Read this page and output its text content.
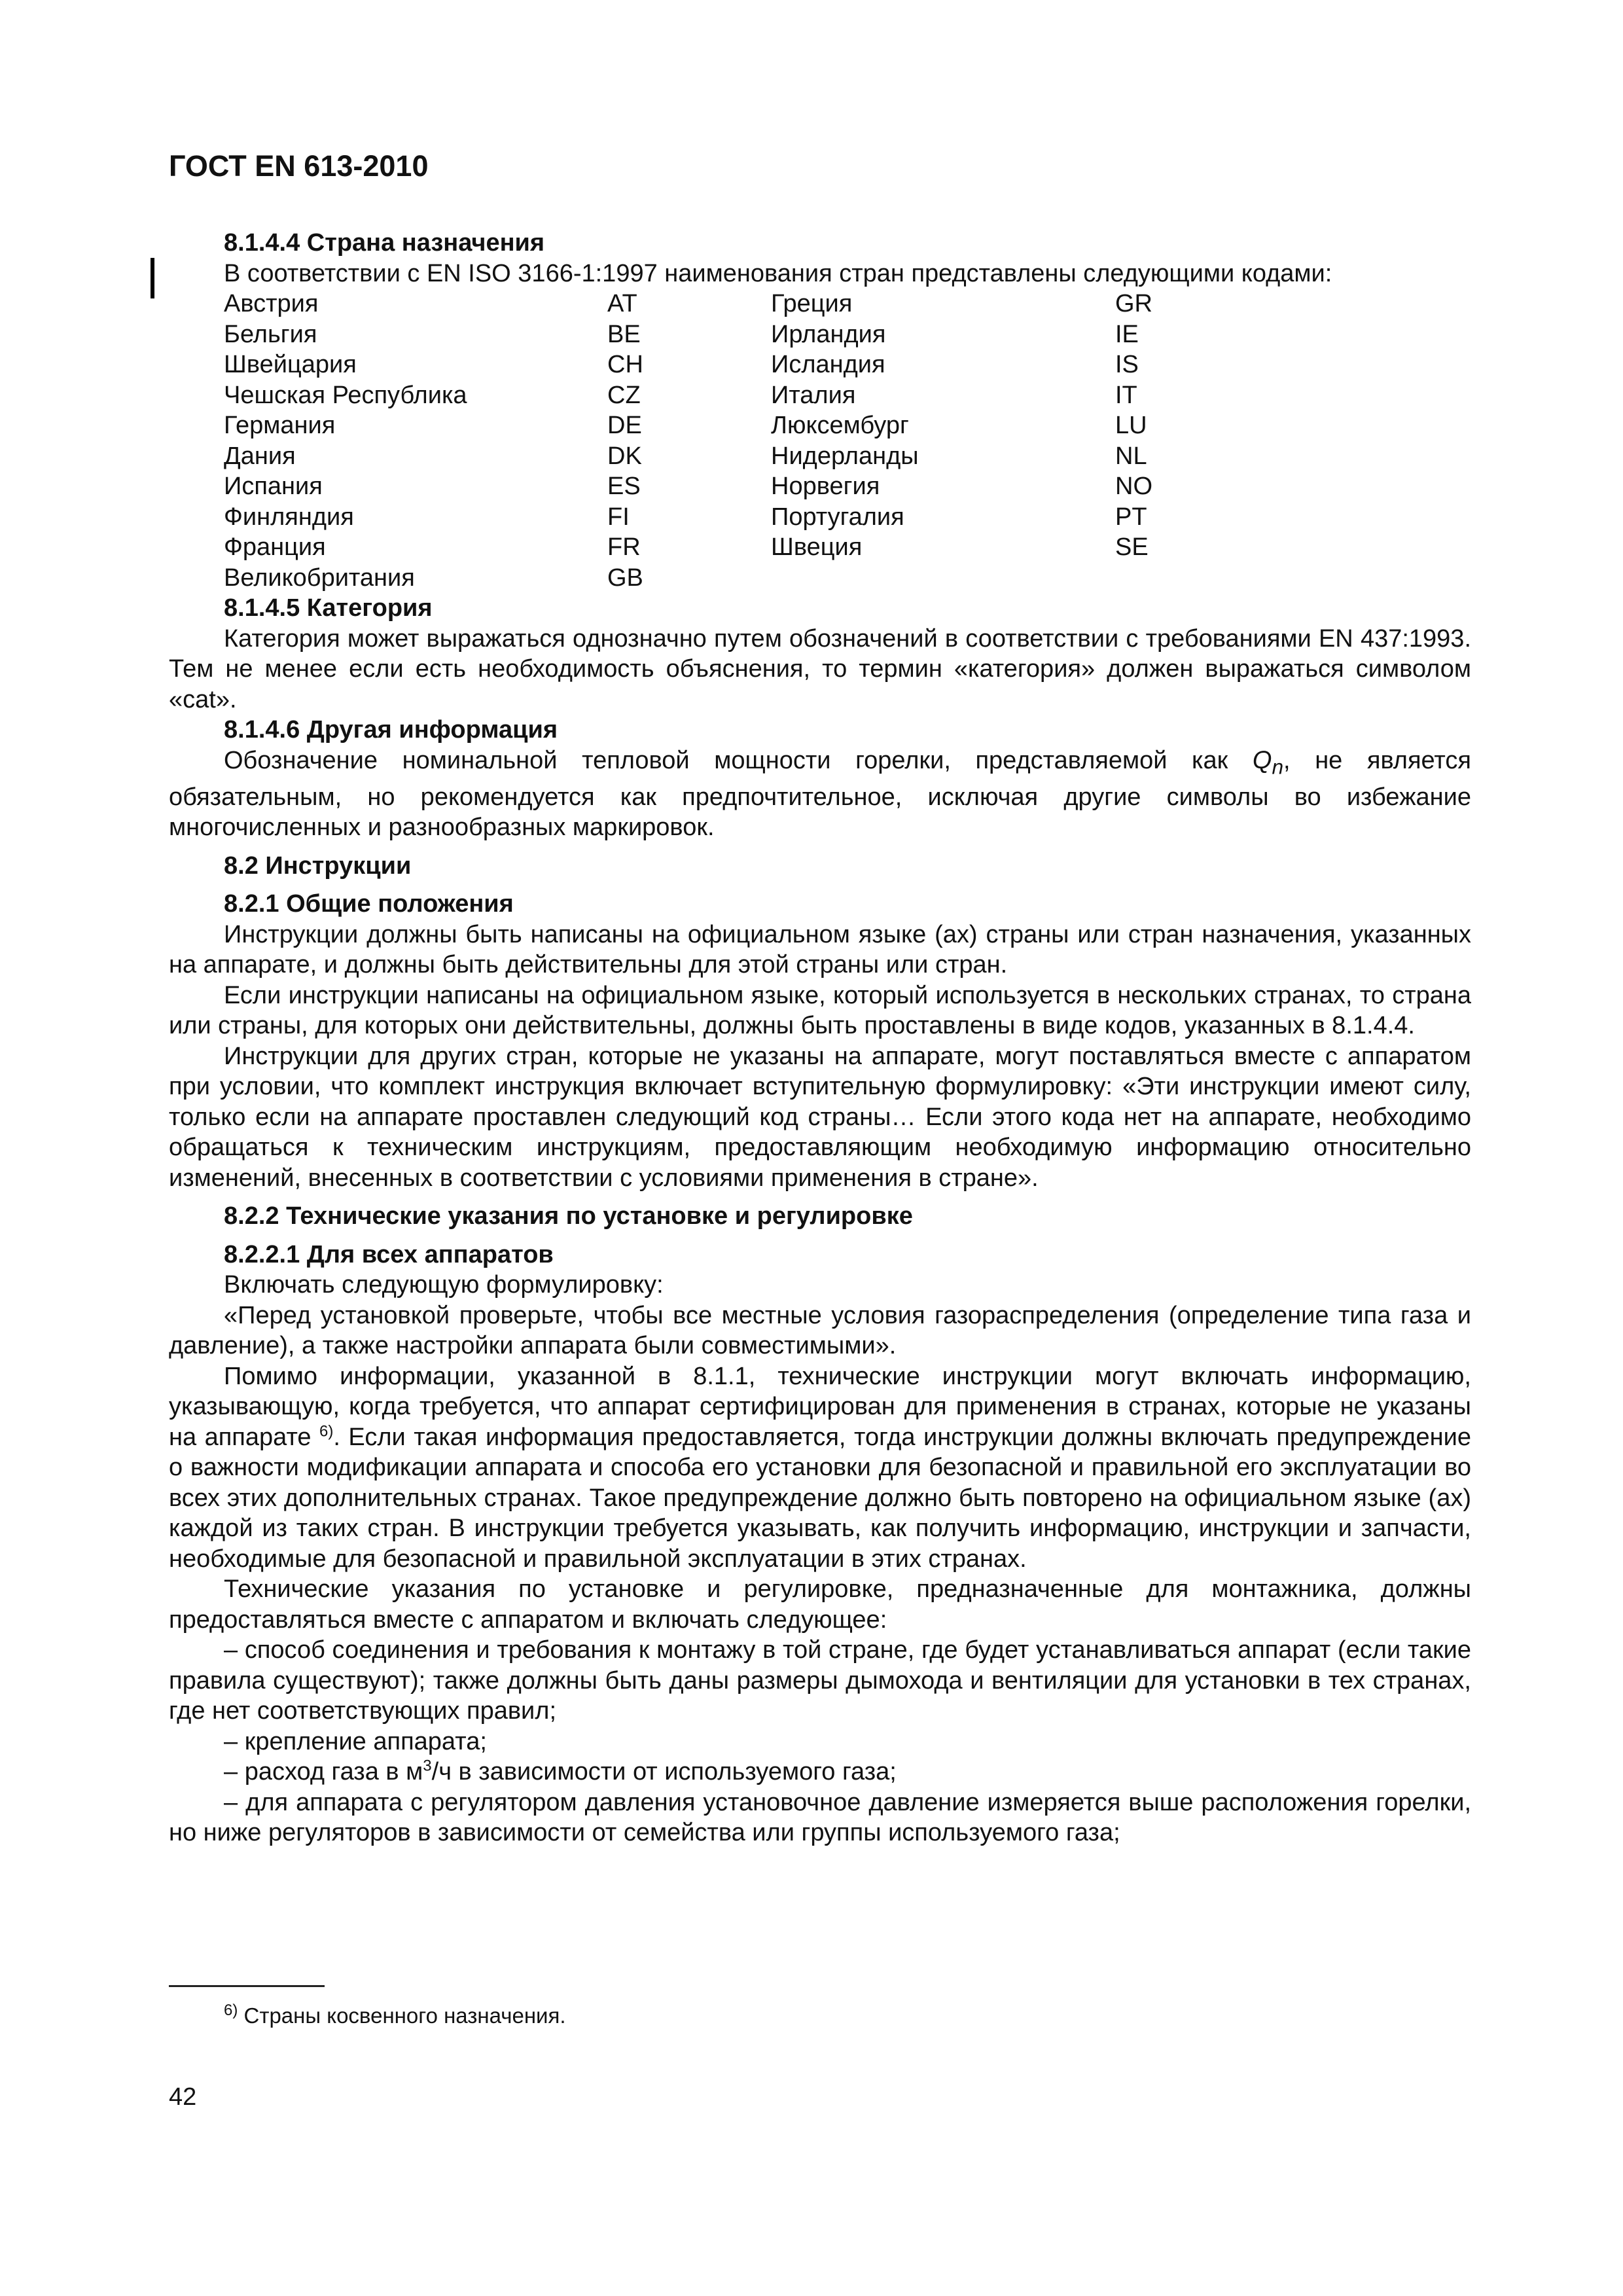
ГОСТ EN 613-2010

8.1.4.4 Страна назначения

В соответствии с EN ISO 3166-1:1997 наименования стран представлены следующими кодами:

Австрия	AT	Греция	GR
Бельгия	BE	Ирландия	IE
Швейцария	CH	Исландия	IS
Чешская Республика	CZ	Италия	IT
Германия	DE	Люксембург	LU
Дания	DK	Нидерланды	NL
Испания	ES	Норвегия	NO
Финляндия	FI	Португалия	PT
Франция	FR	Швеция	SE
Великобритания	GB

8.1.4.5 Категория

Категория может выражаться однозначно путем обозначений в соответствии с требованиями EN 437:1993. Тем не менее если есть необходимость объяснения, то термин «категория» должен выражаться символом «cat».

8.1.4.6 Другая информация

Обозначение номинальной тепловой мощности горелки, представляемой как $Q_n$, не является обязательным, но рекомендуется как предпочтительное, исключая другие символы во избежание многочисленных и разнообразных маркировок.

8.2 Инструкции

8.2.1 Общие положения

Инструкции должны быть написаны на официальном языке (ах) страны или стран назначения, указанных на аппарате, и должны быть действительны для этой страны или стран.

Если инструкции написаны на официальном языке, который используется в нескольких странах, то страна или страны, для которых они действительны, должны быть проставлены в виде кодов, указанных в 8.1.4.4.

Инструкции для других стран, которые не указаны на аппарате, могут поставляться вместе с аппаратом при условии, что комплект инструкция включает вступительную формулировку: «Эти инструкции имеют силу, только если на аппарате проставлен следующий код страны… Если этого кода нет на аппарате, необходимо обращаться к техническим инструкциям, предоставляющим необходимую информацию относительно изменений, внесенных в соответствии с условиями применения в стране».

8.2.2 Технические указания по установке и регулировке

8.2.2.1 Для всех аппаратов

Включать следующую формулировку:

«Перед установкой проверьте, чтобы все местные условия газораспределения (определение типа газа и давление), а также настройки аппарата были совместимыми».

Помимо информации, указанной в 8.1.1, технические инструкции могут включать информацию, указывающую, когда требуется, что аппарат сертифицирован для применения в странах, которые не указаны на аппарате $^{6)}$. Если такая информация предоставляется, тогда инструкции должны включать предупреждение о важности модификации аппарата и способа его установки для безопасной и правильной его эксплуатации во всех этих дополнительных странах. Такое предупреждение должно быть повторено на официальном языке (ах) каждой из таких стран. В инструкции требуется указывать, как получить информацию, инструкции и запчасти, необходимые для безопасной и правильной эксплуатации в этих странах.

Технические указания по установке и регулировке, предназначенные для монтажника, должны предоставляться вместе с аппаратом и включать следующее:

– способ соединения и требования к монтажу в той стране, где будет устанавливаться аппарат (если такие правила существуют); также должны быть даны размеры дымохода и вентиляции для установки в тех странах, где нет соответствующих правил;

– крепление аппарата;

– расход газа в $м^3/ч$ в зависимости от используемого газа;

– для аппарата с регулятором давления установочное давление измеряется выше расположения горелки, но ниже регуляторов в зависимости от семейства или группы используемого газа;

$^{6)}$ Страны косвенного назначения.

42
